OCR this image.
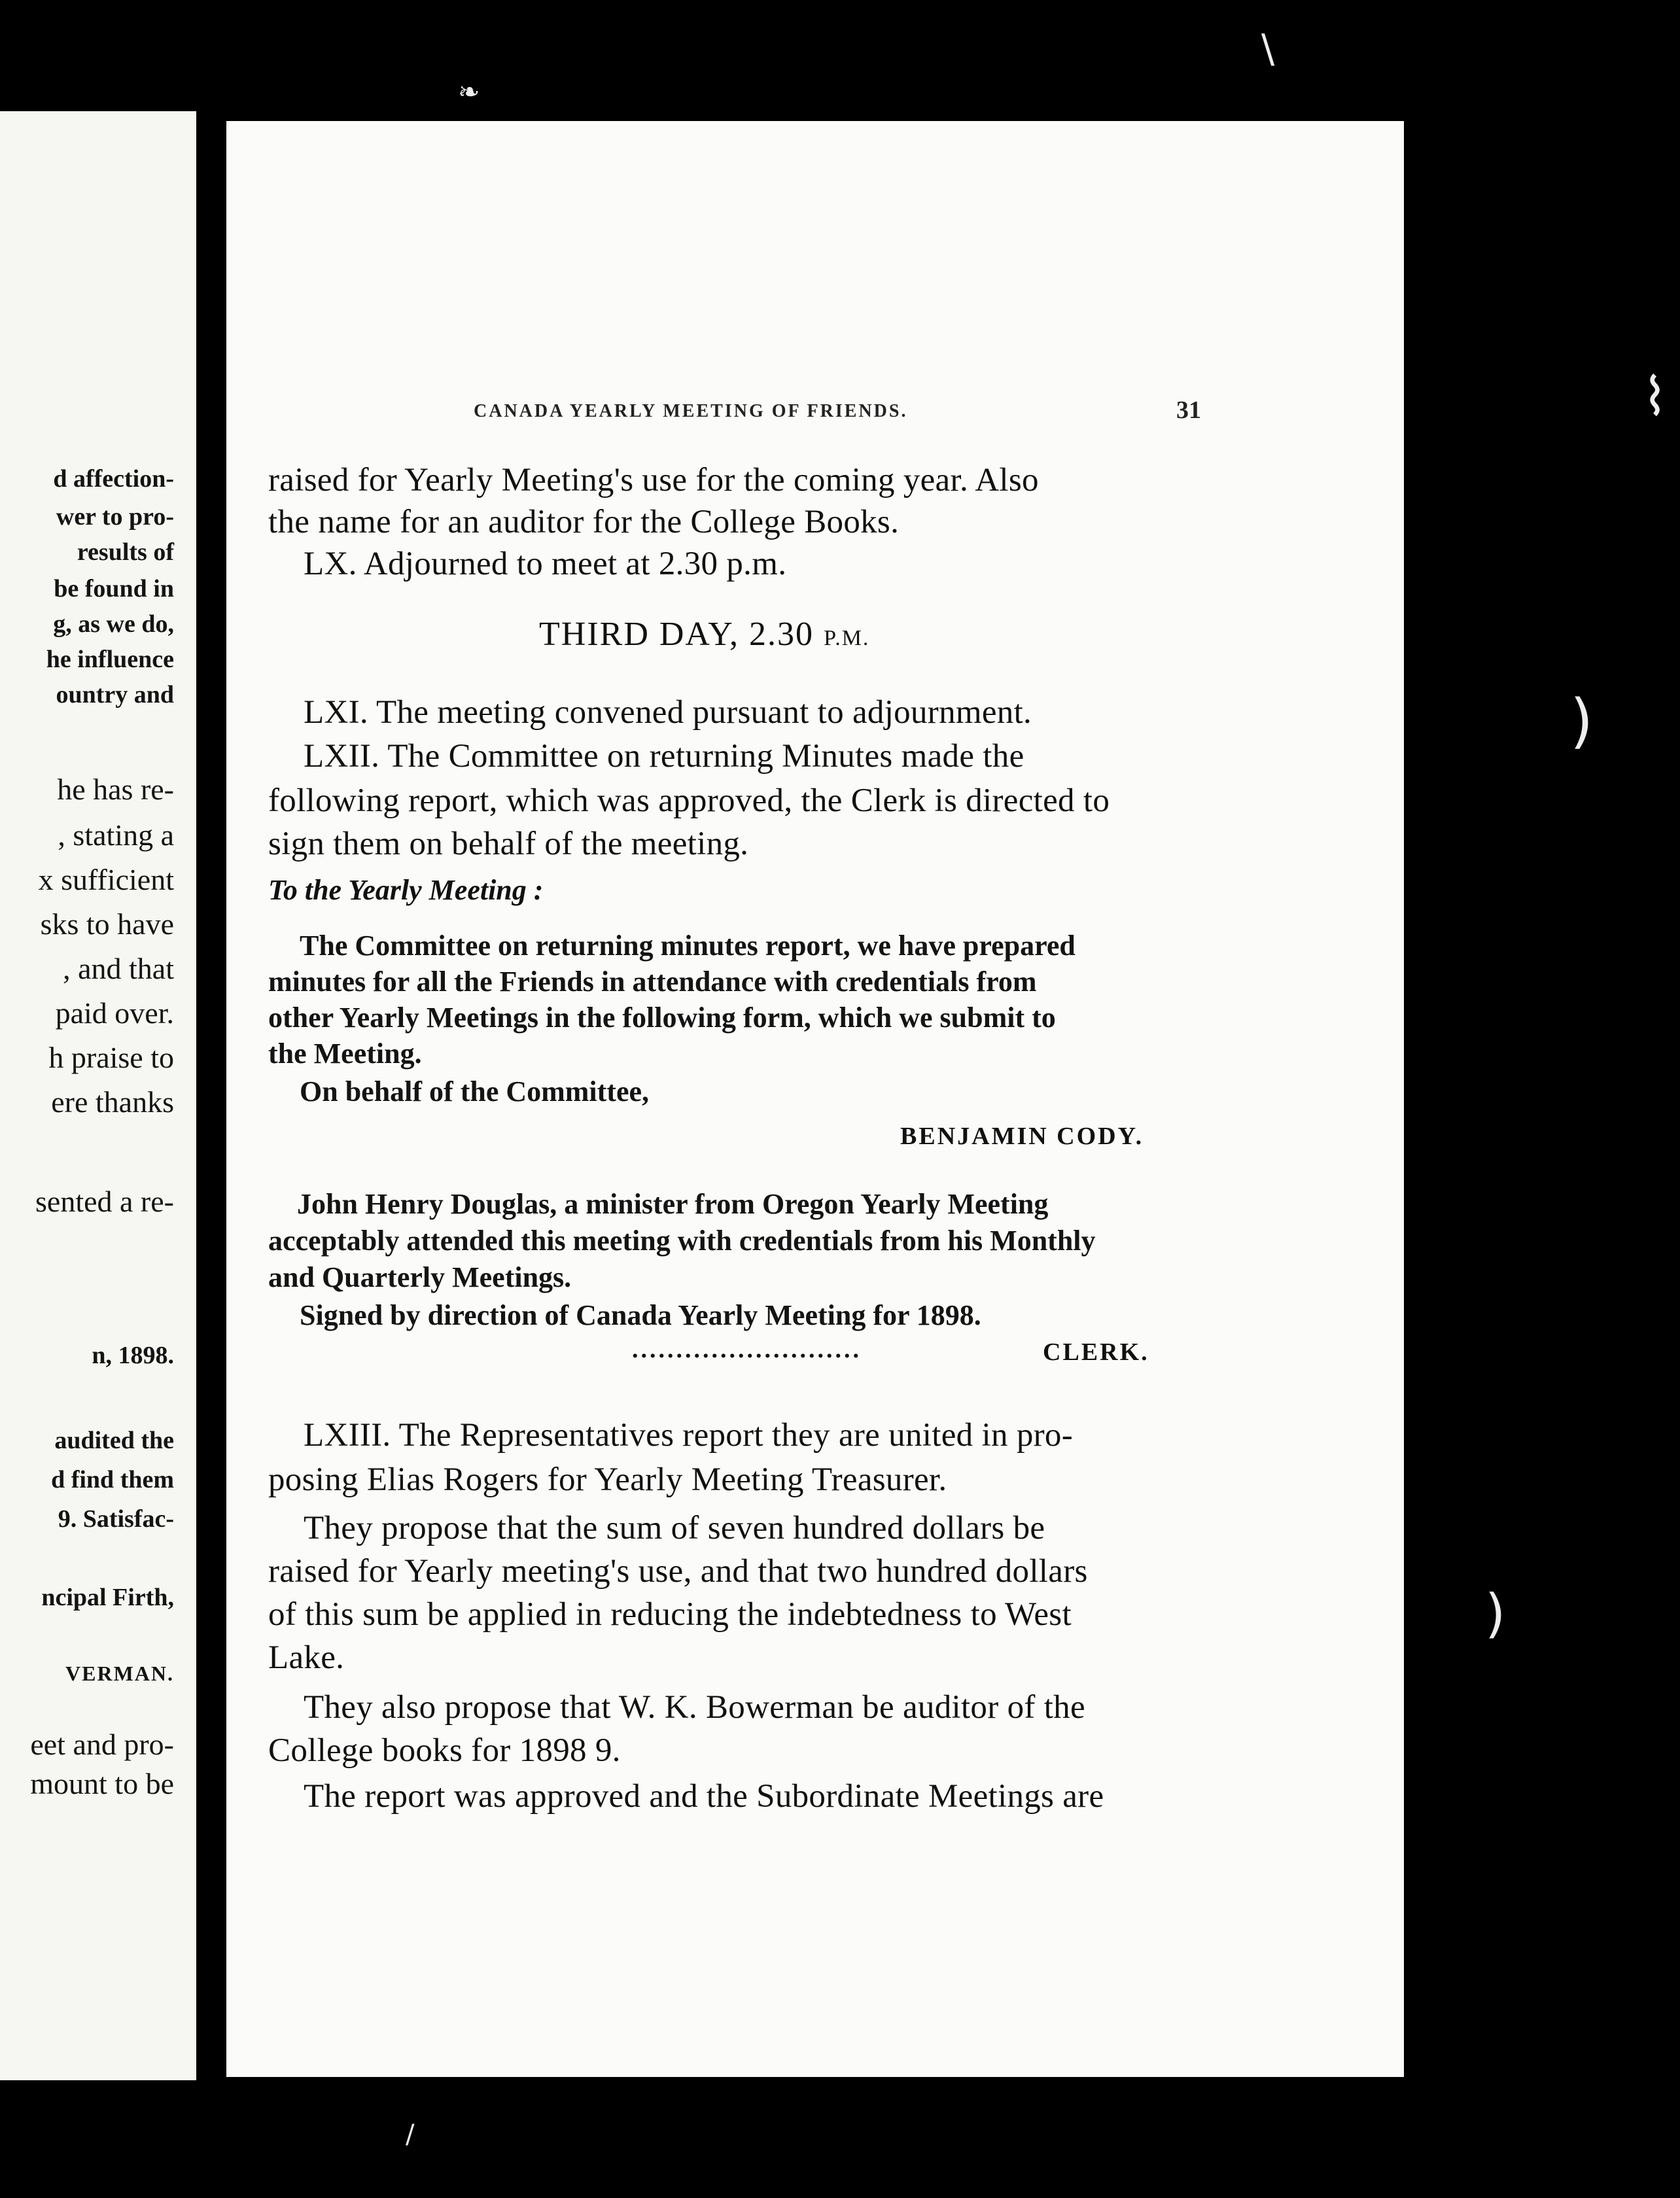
d affection-
wer to pro-
results of
be found in
g, as we do,
he influence
ountry and
he has re-
, stating a
x sufficient
sks to have
, and that
paid over.
h praise to
ere thanks
sented a re-
n, 1898.
audited the
d find them
9. Satisfac-
ncipal Firth,
VERMAN.
eet and pro-
mount to be
CANADA YEARLY MEETING OF FRIENDS.	31
raised for Yearly Meeting's use for the coming year. Also
the name for an auditor for the College Books.
LX. Adjourned to meet at 2.30 p.m.
THIRD DAY, 2.30 P.M.
LXI. The meeting convened pursuant to adjournment.
LXII. The Committee on returning Minutes made the
following report, which was approved, the Clerk is directed to
sign them on behalf of the meeting.
To the Yearly Meeting :
The Committee on returning minutes report, we have prepared
minutes for all the Friends in attendance with credentials from
other Yearly Meetings in the following form, which we submit to
the Meeting.
On behalf of the Committee,
BENJAMIN CODY.
John Henry Douglas, a minister from Oregon Yearly Meeting
acceptably attended this meeting with credentials from his Monthly
and Quarterly Meetings.
Signed by direction of Canada Yearly Meeting for 1898.
..........................	CLERK.
LXIII. The Representatives report they are united in pro-
posing Elias Rogers for Yearly Meeting Treasurer.
They propose that the sum of seven hundred dollars be
raised for Yearly meeting's use, and that two hundred dollars
of this sum be applied in reducing the indebtedness to West
Lake.
They also propose that W. K. Bowerman be auditor of the
College books for 1898 9.
The report was approved and the Subordinate Meetings are
\
❧
⌇
)
)
/
